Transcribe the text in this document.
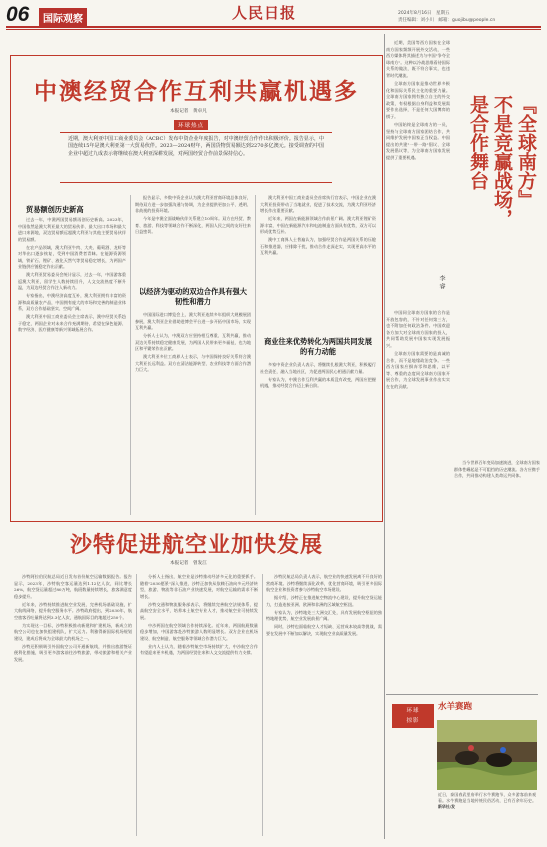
06	国际观察	人民日报	2024年8月16日　星期五
责任编辑：刘小川　邮箱：guojibu@people.cn
中澳经贸合作互利共赢机遇多
本报记者　 黄卓凡
环球热点
近期，澳大利亚中国工商业委员会（ACBC）发布中资企业年度报告，对中澳经贸合作作出积极评价。报告显示，中国连续15年是澳大利亚第一大贸易伙伴。2023—2024财年，两国货物贸易额达到2270多亿澳元。接受调查的中国企业中超过九成表示将继续在澳大利亚深耕发展，对两国经贸合作前景保持信心。
贸易额创历史新高

过去一年，中澳两国贸易额再创历史新高。2023年，中国依然是澳大利亚最大的贸易伙伴、最大出口市场和最大进口来源地，双边贸易额远超澳大利亚与其他主要贸易伙伴的贸易额。

在农产品领域，澳大利亚牛肉、大麦、葡萄酒、龙虾等对华出口逐步恢复，受到中国消费者青睐。在能源资源领域，铁矿石、锂矿、液化天然气等贸易稳定增长，为两国产业链供应链稳定作出贡献。

澳大利亚贸易委员会统计显示，过去一年，中国游客重返澳大利亚，留学生人数持续回升，人文交流热度不断升温，为双边经贸合作注入新动力。

专家指出，中澳经济高度互补，澳大利亚拥有丰富的资源和高质量农产品，中国拥有庞大的市场和完善的制造业体系，双方合作基础坚实、空间广阔。

澳大利亚中国工商业委员会主席表示，澳中经贸关系趋于稳定，两国企业对未来合作充满期待，希望在绿色能源、数字经济、医疗健康等新兴领域拓展合作。

报告显示，多数中资企业认为澳大利亚营商环境总体良好，期待双方进一步加强沟通与协调，为企业提供更加公平、透明、非歧视的投资环境。

今年是中澳全面战略伙伴关系建立10周年。双方在经贸、教育、旅游、科技等领域合作不断深化，两国人民之间的友好往来日益密切。

以经济为驱动的双边合作具有强大韧性和潜力

中国国际进口博览会上，澳大利亚连续多年组织大规模展团参展，澳大利亚企业借助进博会平台进一步开拓中国市场，实现互利共赢。

分析人士认为，中澳双方应坚持相互尊重、互利共赢，推动双边关系持续稳定健康发展，为两国人民带来更多福祉，也为地区和平繁荣作出贡献。

澳大利亚多位工商界人士表示，与中国保持良好关系符合澳大利亚长远利益。双方在清洁能源转型、农业科技等方面合作潜力巨大。

澳大利亚中国工商业委员会首席执行官表示，中国企业在澳大利亚投资带动了当地就业，促进了技术交流，为澳大利亚经济增长作出重要贡献。

近年来，两国在新能源领域合作前景广阔。澳大利亚锂矿资源丰富，中国在新能源汽车和电池制造方面具有优势，双方可以形成优势互补。

澳中工商界人士普遍认为，加强经贸合作是两国关系的压舱石和推进器，应排除干扰，推动合作走深走实，实现更高水平的互利共赢。

商业往来优势转化为两国共同发展的有力动能

多家中资企业负责人表示，将继续扎根澳大利亚，积极履行社会责任，融入当地社区，为促进两国民心相通贡献力量。

专家认为，中澳合作互利共赢的本质没有改变，两国应把握机遇，推动经贸合作迈上新台阶。

沙特促进航空业加快发展
本报记者　 曾发江

沙特阿拉伯民航总局近日发布首份航空运输数据报告。报告显示，2023年，沙特航空客运量达到1.12亿人次，同比增长26%，航空货运量超过80万吨，航班数量持续增长，旅客满意度稳步提升。

近年来，沙特持续推进航空业发展，完善机场基础设施，扩大航线网络，提升航空服务水平。沙特政府提出，到2030年，航空旅客吞吐量将达到3.3亿人次，通航国际目的地超过250个。

为实现这一目标，沙特积极推动新建和扩建机场，新成立的航空公司也在加快组建机队，扩大运力。利雅得新国际机场规划建设，建成后将成为全球最大的机场之一。

沙特还积极吸引外国航空公司开通新航线，并推出旅游签证便利化措施，吸引更多游客前往沙特旅游，带动旅游和相关产业发展。

分析人士指出，航空业是沙特推动经济多元化的重要抓手。随着"2030愿景"深入推进，沙特正加快从依赖石油向多元经济转型，旅游、物流等非石油产业快速发展，对航空运输的需求不断增长。

沙特交通和物流服务部表示，将继续完善航空法规体系，提高航空安全水平，培养本土航空专业人才，推动航空业可持续发展。

中沙两国在航空领域合作持续深化。近年来，两国航班数量稳步增加，中国游客赴沙特旅游人数明显增长。双方企业在机场建设、航空制造、航空服务等领域合作潜力巨大。

业内人士认为，随着沙特航空市场持续扩大，中沙航空合作有望迎来更多机遇，为两国经贸往来和人文交流提供有力支撑。

沙特民航总局负责人表示，航空业的快速发展离不开良好的营商环境。沙特将继续深化改革，优化营商环境，吸引更多国际航空企业和投资者参与沙特航空市场建设。

据介绍，沙特正在推进航空物流中心建设，提升航空货运能力，打造连接亚洲、欧洲和非洲的区域航空枢纽。

专家认为，沙特地处三大洲交汇处，具有发展航空枢纽的独特地理优势，航空业发展前景广阔。

同时，沙特也面临航空人才短缺、运营成本较高等挑战，需要在发展中不断加以解决，实现航空业高质量发展。

『全球南方』
不是竞赢战场，
是合作舞台
李 睿

近期，美国等西方国家在全球南方国家频频开展外交活动，一些西方媒体将其描述为与中国"争夺全球南方"。这种以冷战思维看待国际关系的做法，既不符合事实，也违背时代潮流。

全球南方国家是推动世界多极化和国际关系民主化的重要力量。全球南方国家拥有独立自主的外交政策，有权根据自身利益和发展需要作出选择，不是任何大国博弈的棋子。

中国始终是全球南方的一员，坚持与全球南方国家团结合作，共同维护发展中国家正当权益。中国提出的共建"一带一路"倡议、全球发展倡议等，为全球南方国家发展提供了重要机遇。

中国同全球南方国家的合作是开放包容的，不针对任何第三方，也不附加任何政治条件。中国欢迎各方加大对全球南方国家的投入，共同帮助发展中国家实现发展振兴。

全球南方国家需要的是真诚的合作，而不是地缘政治竞争。一些西方国家应摒弃零和思维，以平等、尊重的态度同全球南方国家开展合作，为全球发展事业作出实实在在的贡献。

当今世界百年变局加速演进，全球南方国家群体性崛起是不可阻挡的历史潮流。各方应携手合作，共同推动构建人类命运共同体。

环球
掠影
水羊赛跑
近日，泰国春武里府举行水牛赛跑节，众多游客前来观看。水牛赛跑是当地传统民俗活动，已有百余年历史。 新华社/发
